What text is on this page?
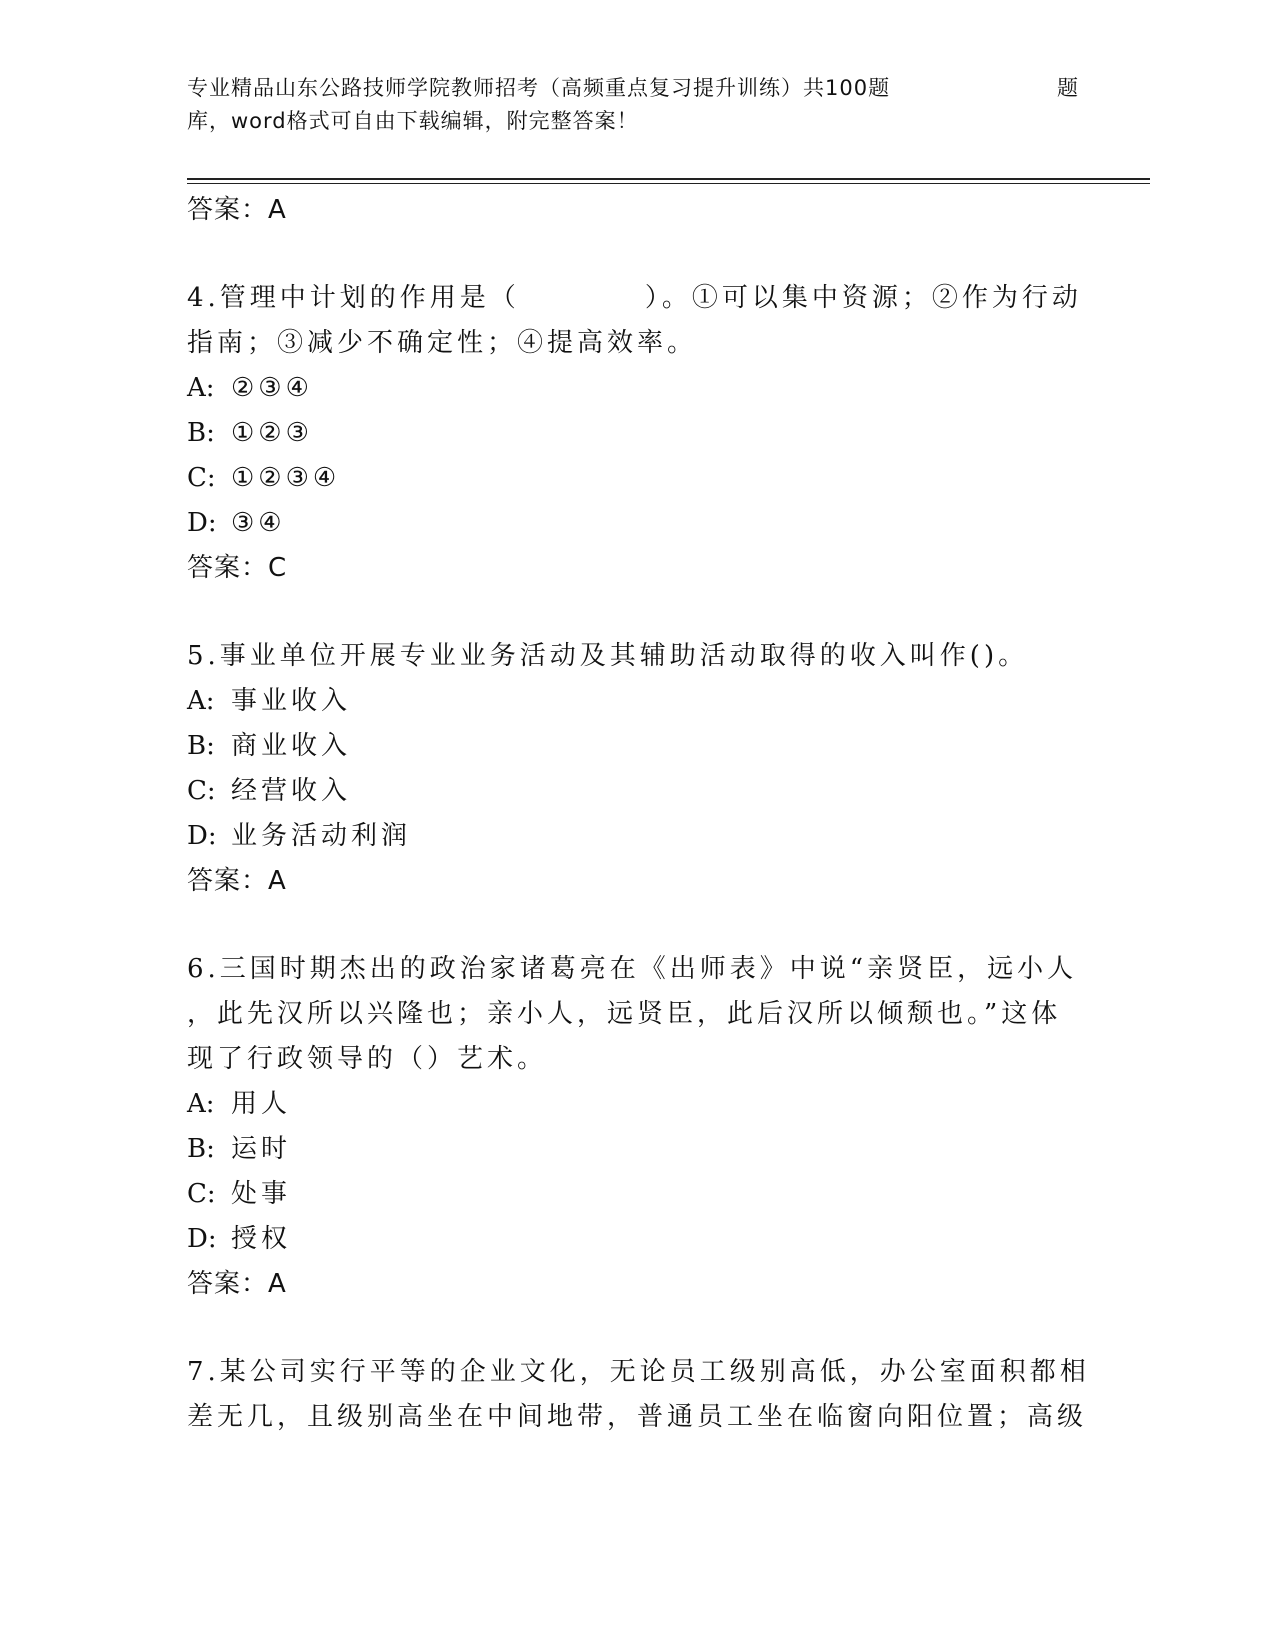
专业精品山东公路技师学院教师招考（高频重点复习提升训练）共100题	题
库，word格式可自由下载编辑，附完整答案！
答案：A
4.管理中计划的作用是（	）。①可以集中资源；②作为行动
指南；③减少不确定性；④提高效率。
A: ②③④
B: ①②③
C: ①②③④
D: ③④
答案：C
5.事业单位开展专业业务活动及其辅助活动取得的收入叫作()。
A: 事业收入
B: 商业收入
C: 经营收入
D: 业务活动利润
答案：A
6.三国时期杰出的政治家诸葛亮在《出师表》中说“亲贤臣，远小人
，此先汉所以兴隆也；亲小人，远贤臣，此后汉所以倾颓也。”这体
现了行政领导的（）艺术。
A: 用人
B: 运时
C: 处事
D: 授权
答案：A
7.某公司实行平等的企业文化，无论员工级别高低，办公室面积都相
差无几，且级别高坐在中间地带，普通员工坐在临窗向阳位置；高级
